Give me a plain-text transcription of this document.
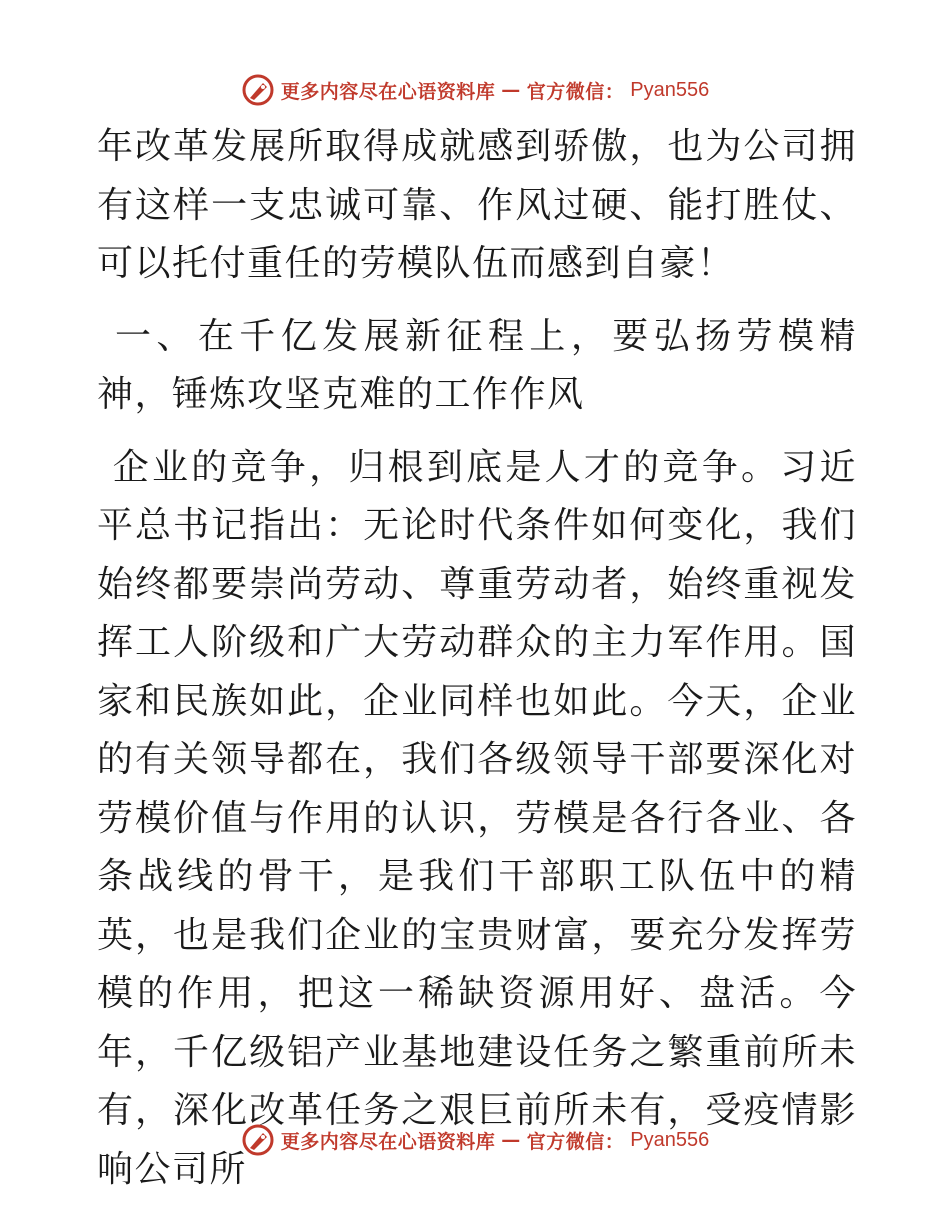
更多内容尽在心语资料库 — 官方微信： Pyan556

年改革发展所取得成就感到骄傲，也为公司拥有这样一支忠诚可靠、作风过硬、能打胜仗、可以托付重任的劳模队伍而感到自豪！

一、在千亿发展新征程上，要弘扬劳模精神，锤炼攻坚克难的工作作风

企业的竞争，归根到底是人才的竞争。习近平总书记指出：无论时代条件如何变化，我们始终都要崇尚劳动、尊重劳动者，始终重视发挥工人阶级和广大劳动群众的主力军作用。国家和民族如此，企业同样也如此。今天，企业的有关领导都在，我们各级领导干部要深化对劳模价值与作用的认识，劳模是各行各业、各条战线的骨干，是我们干部职工队伍中的精英，也是我们企业的宝贵财富，要充分发挥劳模的作用，把这一稀缺资源用好、盘活。今年，千亿级铝产业基地建设任务之繁重前所未有，深化改革任务之艰巨前所未有，受疫情影响公司所

更多内容尽在心语资料库 — 官方微信： Pyan556
